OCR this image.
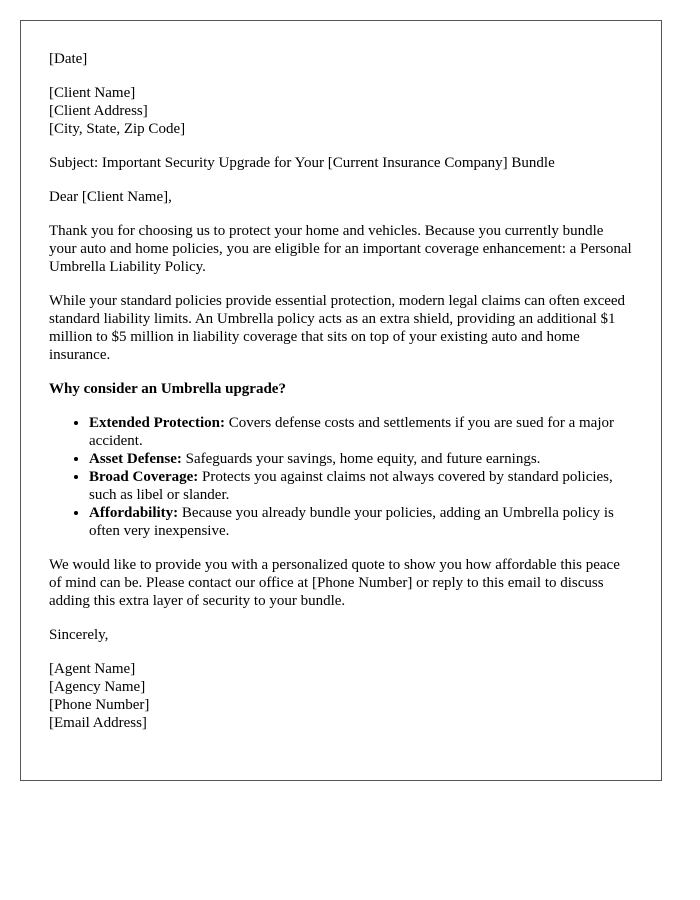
[Date]

[Client Name]
[Client Address]
[City, State, Zip Code]

Subject: Important Security Upgrade for Your [Current Insurance Company] Bundle

Dear [Client Name],

Thank you for choosing us to protect your home and vehicles. Because you currently bundle your auto and home policies, you are eligible for an important coverage enhancement: a Personal Umbrella Liability Policy.

While your standard policies provide essential protection, modern legal claims can often exceed standard liability limits. An Umbrella policy acts as an extra shield, providing an additional $1 million to $5 million in liability coverage that sits on top of your existing auto and home insurance.

Why consider an Umbrella upgrade?

• Extended Protection: Covers defense costs and settlements if you are sued for a major accident.
• Asset Defense: Safeguards your savings, home equity, and future earnings.
• Broad Coverage: Protects you against claims not always covered by standard policies, such as libel or slander.
• Affordability: Because you already bundle your policies, adding an Umbrella policy is often very inexpensive.

We would like to provide you with a personalized quote to show you how affordable this peace of mind can be. Please contact our office at [Phone Number] or reply to this email to discuss adding this extra layer of security to your bundle.

Sincerely,

[Agent Name]
[Agency Name]
[Phone Number]
[Email Address]
